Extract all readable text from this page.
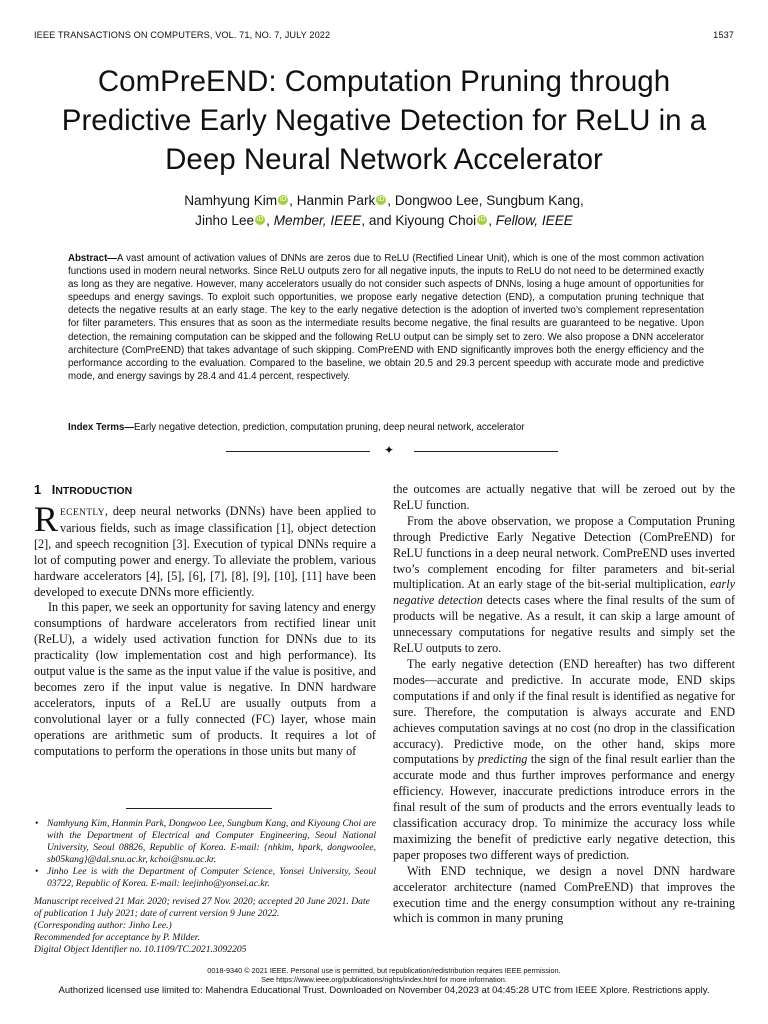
IEEE TRANSACTIONS ON COMPUTERS, VOL. 71, NO. 7, JULY 2022	1537
ComPreEND: Computation Pruning through Predictive Early Negative Detection for ReLU in a Deep Neural Network Accelerator
Namhyung Kim iD , Hanmin Park iD , Dongwoo Lee, Sungbum Kang,
Jinho Lee iD , Member, IEEE, and Kiyoung Choi iD , Fellow, IEEE
Abstract—A vast amount of activation values of DNNs are zeros due to ReLU (Rectified Linear Unit), which is one of the most common activation functions used in modern neural networks. Since ReLU outputs zero for all negative inputs, the inputs to ReLU do not need to be determined exactly as long as they are negative. However, many accelerators usually do not consider such aspects of DNNs, losing a huge amount of opportunities for speedups and energy savings. To exploit such opportunities, we propose early negative detection (END), a computation pruning technique that detects the negative results at an early stage. The key to the early negative detection is the adoption of inverted two’s complement representation for filter parameters. This ensures that as soon as the intermediate results become negative, the final results are guaranteed to be negative. Upon detection, the remaining computation can be skipped and the following ReLU output can be simply set to zero. We also propose a DNN accelerator architecture (ComPreEND) that takes advantage of such skipping. ComPreEND with END significantly improves both the energy efficiency and the performance according to the evaluation. Compared to the baseline, we obtain 20.5 and 29.3 percent speedup with accurate mode and predictive mode, and energy savings by 28.4 and 41.4 percent, respectively.
Index Terms—Early negative detection, prediction, computation pruning, deep neural network, accelerator
✦
1 INTRODUCTION

RECENTLY, deep neural networks (DNNs) have been applied to various fields, such as image classification [1], object detection [2], and speech recognition [3]. Execution of typical DNNs require a lot of computing power and energy. To alleviate the problem, various hardware accelerators [4], [5], [6], [7], [8], [9], [10], [11] have been developed to execute DNNs more efficiently.

In this paper, we seek an opportunity for saving latency and energy consumptions of hardware accelerators from rectified linear unit (ReLU), a widely used activation function for DNNs due to its practicality (low implementation cost and high performance). Its output value is the same as the input value if the value is positive, and becomes zero if the input value is negative. In DNN hardware accelerators, inputs of a ReLU are usually outputs from a convolutional layer or a fully connected (FC) layer, whose main operations are arithmetic sum of products. It requires a lot of computations to perform the operations in those units but many of

the outcomes are actually negative that will be zeroed out by the ReLU function.

From the above observation, we propose a Computation Pruning through Predictive Early Negative Detection (ComPreEND) for ReLU functions in a deep neural network. ComPreEND uses inverted two’s complement encoding for filter parameters and bit-serial multiplication. At an early stage of the bit-serial multiplication, early negative detection detects cases where the final results of the sum of products will be negative. As a result, it can skip a large amount of unnecessary computations for negative results and simply set the ReLU outputs to zero.

The early negative detection (END hereafter) has two different modes—accurate and predictive. In accurate mode, END skips computations if and only if the final result is identified as negative for sure. Therefore, the computation is always accurate and END achieves computation savings at no cost (no drop in the classification accuracy). Predictive mode, on the other hand, skips more computations by predicting the sign of the final result earlier than the accurate mode and thus further improves performance and energy efficiency. However, inaccurate predictions introduce errors in the final result of the sum of products and the errors eventually leads to classification accuracy drop. To minimize the accuracy loss while maximizing the benefit of predictive early negative detection, this paper proposes two different ways of prediction.

With END technique, we design a novel DNN hardware accelerator architecture (named ComPreEND) that improves the execution time and the energy consumption without any re-training which is common in many pruning

• Namhyung Kim, Hanmin Park, Dongwoo Lee, Sungbum Kang, and Kiyoung Choi are with the Department of Electrical and Computer Engineering, Seoul National University, Seoul 08826, Republic of Korea. E-mail: {nhkim, hpark, dongwoolee, sb05kang}@dal.snu.ac.kr, kchoi@snu.ac.kr.
• Jinho Lee is with the Department of Computer Science, Yonsei University, Seoul 03722, Republic of Korea. E-mail: leejinho@yonsei.ac.kr.
Manuscript received 21 Mar. 2020; revised 27 Nov. 2020; accepted 20 June 2021. Date of publication 1 July 2021; date of current version 9 June 2022.
(Corresponding author: Jinho Lee.)
Recommended for acceptance by P. Milder.
Digital Object Identifier no. 10.1109/TC.2021.3092205
0018-9340 © 2021 IEEE. Personal use is permitted, but republication/redistribution requires IEEE permission.
See https://www.ieee.org/publications/rights/index.html for more information.
Authorized licensed use limited to: Mahendra Educational Trust. Downloaded on November 04,2023 at 04:45:28 UTC from IEEE Xplore. Restrictions apply.
